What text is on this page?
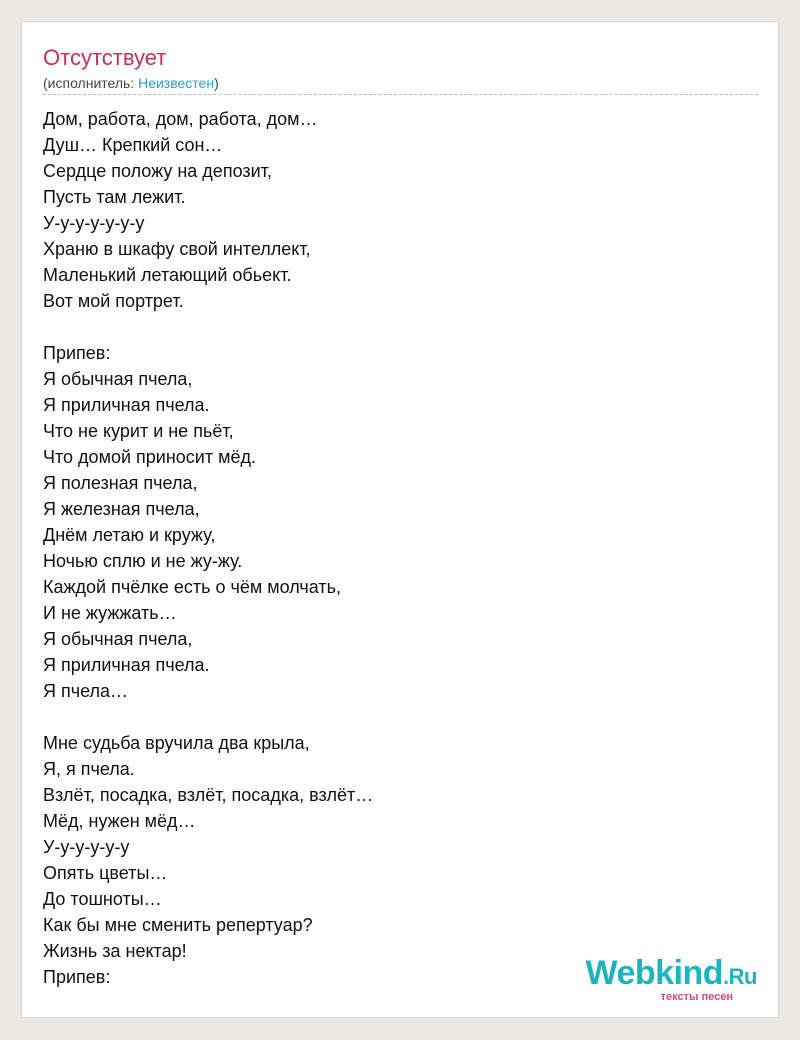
Отсутствует
(исполнитель: Неизвестен)
Дом, работа, дом, работа, дом…
Душ… Крепкий сон…
Сердце положу на депозит,
Пусть там лежит.
У-у-у-у-у-у-у
Храню в шкафу свой интеллект,
Маленький летающий обьект.
Вот мой портрет.
Припев:
Я обычная пчела,
Я приличная пчела.
Что не курит и не пьёт,
Что домой приносит мёд.
Я полезная пчела,
Я железная пчела,
Днём летаю и кружу,
Ночью сплю и не жу-жу.
Каждой пчёлке есть о чём молчать,
И не жужжать…
Я обычная пчела,
Я приличная пчела.
Я пчела…
Мне судьба вручила два крыла,
Я, я пчела.
Взлёт, посадка, взлёт, посадка, взлёт…
Мёд, нужен мёд…
У-у-у-у-у-у
Опять цветы…
До тошноты…
Как бы мне сменить репертуар?
Жизнь за нектар!
Припев:	Webkind.Ru
тексты песен
